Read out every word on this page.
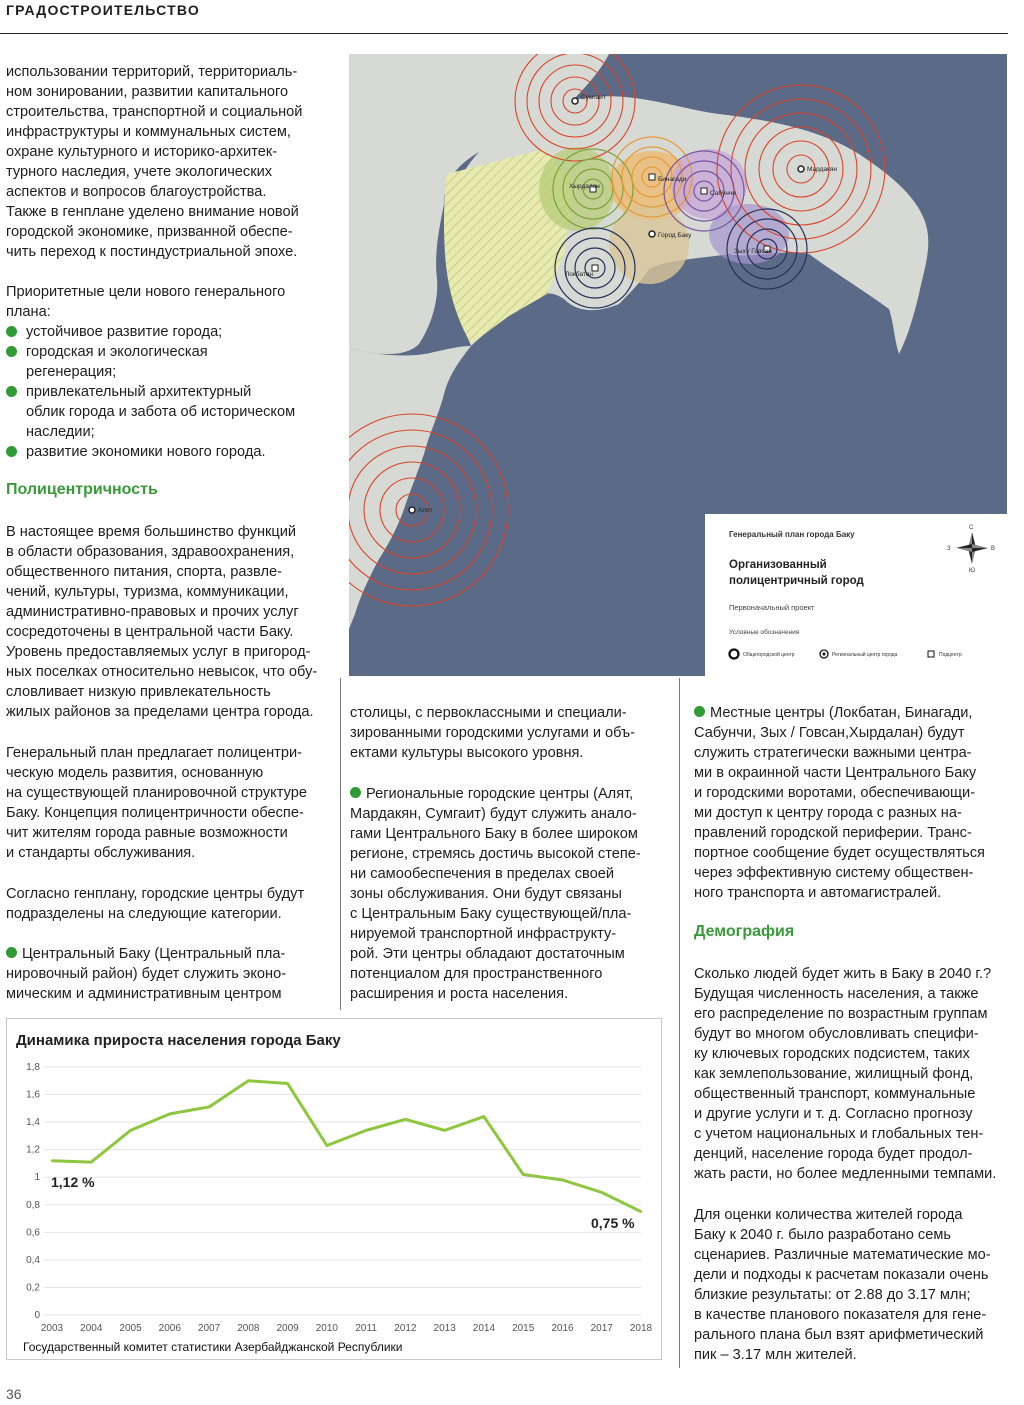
ГРАДОСТРОИТЕЛЬСТВО
использовании территорий, территориаль-
ном зонировании, развитии капитального
строительства, транспортной и социальной
инфраструктуры и коммунальных систем,
охране культурного и историко-архитек-
турного наследия, учете экологических
аспектов и вопросов благоустройства.
Также в генплане уделено внимание новой
городской экономике, призванной обеспе-
чить переход к постиндустриальной эпохе.
Приоритетные цели нового генерального
плана:
устойчивое развитие города;
городская и экологическая
регенерация;
привлекательный архитектурный
облик города и забота об историческом
наследии;
развитие экономики нового города.
Полицентричность
В настоящее время большинство функций
в области образования, здравоохранения,
общественного питания, спорта, развле-
чений, культуры, туризма, коммуникации,
административно-правовых и прочих услуг
сосредоточены в центральной части Баку.
Уровень предоставляемых услуг в пригород-
ных поселках относительно невысок, что обу-
словливает низкую привлекательность
жилых районов за пределами центра города.
Генеральный план предлагает полицентри-
ческую модель развития, основанную
на существующей планировочной структуре
Баку. Концепция полицентричности обеспе-
чит жителям города равные возможности
и стандарты обслуживания.
Согласно генплану, городские центры будут
подразделены на следующие категории.
Центральный Баку (Центральный пла-
нировочный район) будет служить эконо-
мическим и административным центром
столицы, с первоклассными и специали-
зированными городскими услугами и объ-
ектами культуры высокого уровня.
Региональные городские центры (Алят,
Мардакян, Сумгаит) будут служить анало-
гами Центрального Баку в более широком
регионе, стремясь достичь высокой степе-
ни самообеспечения в пределах своей
зоны обслуживания. Они будут связаны
с Центральным Баку существующей/пла-
нируемой транспортной инфраструкту-
рой. Эти центры обладают достаточным
потенциалом для пространственного
расширения и роста населения.
Местные центры (Локбатан, Бинагади,
Сабунчи, Зых / Говсан,Хырдалан) будут
служить стратегически важными центра-
ми в окраинной части Центрального Баку
и городскими воротами, обеспечивающи-
ми доступ к центру города с разных на-
правлений городской периферии. Транс-
портное сообщение будет осуществляться
через эффективную систему обществен-
ного транспорта и автомагистралей.
Демография
Сколько людей будет жить в Баку в 2040 г.?
Будущая численность населения, а также
его распределение по возрастным группам
будут во многом обусловливать специфи-
ку ключевых городских подсистем, таких
как землепользование, жилищный фонд,
общественный транспорт, коммунальные
и другие услуги и т. д. Согласно прогнозу
с учетом национальных и глобальных тен-
денций, население города будет продол-
жать расти, но более медленными темпами.
Для оценки количества жителей города
Баку к 2040 г. было разработано семь
сценариев. Различные математические мо-
дели и подходы к расчетам показали очень
близкие результаты: от 2.88 до 3.17 млн;
в качестве планового показателя для гене-
рального плана был взят арифметический
пик – 3.17 млн жителей.
Сумгаит
Бинагади
Хырдалан
Сабунчи
Мардакян
Город Баку
Зых / Говсан
Локбатан
Алят
Генеральный план города Баку
Организованный
полицентричный город
Первоначальный проект
Условные обозначения
Общегородской центр	Региональный центр города	Подцентр
С
Ю
З	В
Динамика прироста населения города Баку
0
0,2
0,4
0,6
0,8
1
1,2
1,4
1,6
1,8
2003 2004 2005 2006 2007 2008 2009 2010 2011 2012 2013 2014 2015 2016 2017 2018
1,12 %
0,75 %
Государственный комитет статистики Азербайджанской Республики
36
